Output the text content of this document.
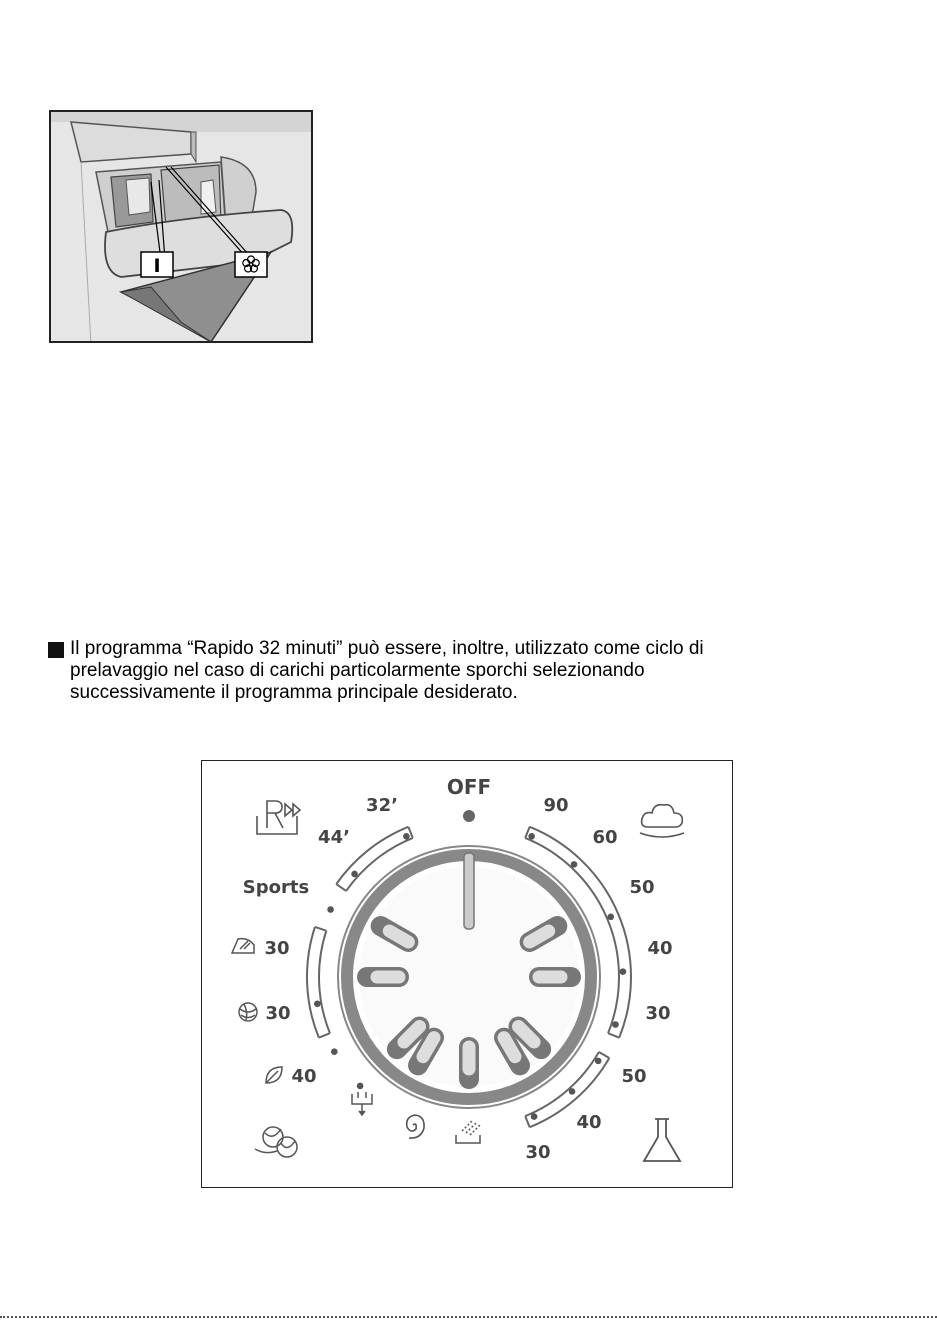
I
Il programma “Rapido 32 minuti” può essere, inoltre, utilizzato come ciclo di
prelavaggio nel caso di carichi particolarmente sporchi selezionando
successivamente il programma principale desiderato.
OFF
32’
44’
Sports
30
30
40
90
60
50
40
30
50
40
30
